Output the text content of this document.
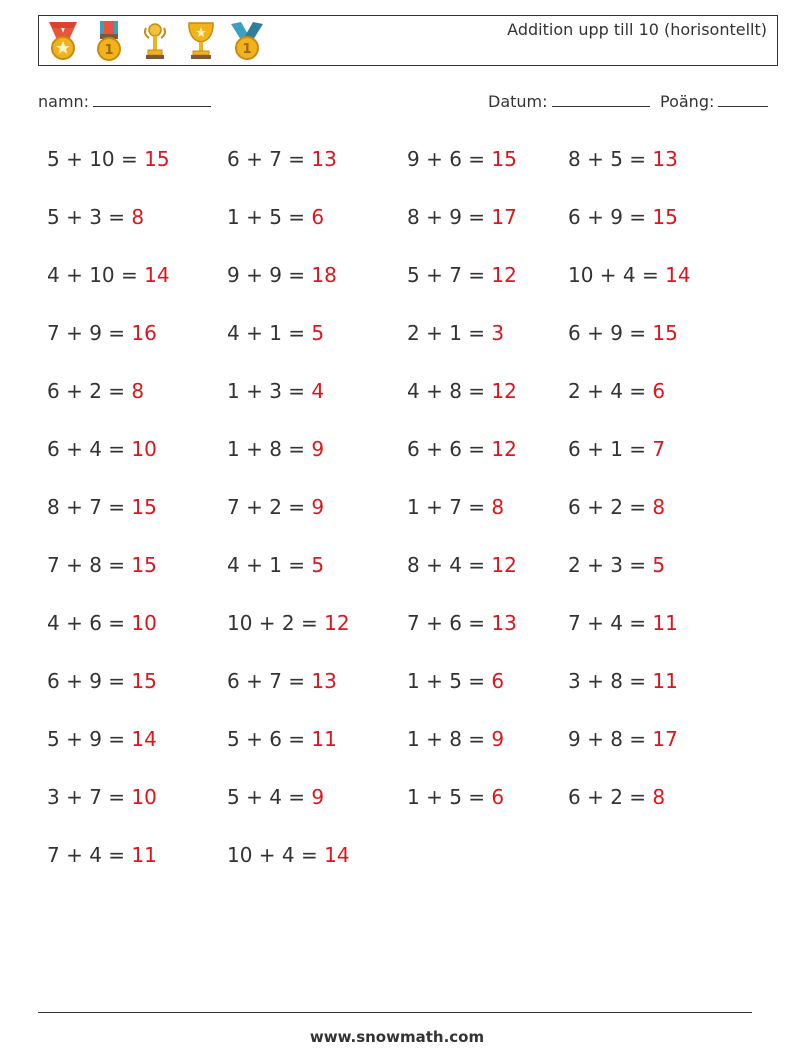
1	1
Addition upp till 10 (horisontellt)
namn:	Datum:	Poäng:
5 + 10 = 15	6 + 7 = 13	9 + 6 = 15	8 + 5 = 13
5 + 3 = 8	1 + 5 = 6	8 + 9 = 17	6 + 9 = 15
4 + 10 = 14	9 + 9 = 18	5 + 7 = 12	10 + 4 = 14
7 + 9 = 16	4 + 1 = 5	2 + 1 = 3	6 + 9 = 15
6 + 2 = 8	1 + 3 = 4	4 + 8 = 12	2 + 4 = 6
6 + 4 = 10	1 + 8 = 9	6 + 6 = 12	6 + 1 = 7
8 + 7 = 15	7 + 2 = 9	1 + 7 = 8	6 + 2 = 8
7 + 8 = 15	4 + 1 = 5	8 + 4 = 12	2 + 3 = 5
4 + 6 = 10	10 + 2 = 12	7 + 6 = 13	7 + 4 = 11
6 + 9 = 15	6 + 7 = 13	1 + 5 = 6	3 + 8 = 11
5 + 9 = 14	5 + 6 = 11	1 + 8 = 9	9 + 8 = 17
3 + 7 = 10	5 + 4 = 9	1 + 5 = 6	6 + 2 = 8
7 + 4 = 11	10 + 4 = 14
www.snowmath.com
